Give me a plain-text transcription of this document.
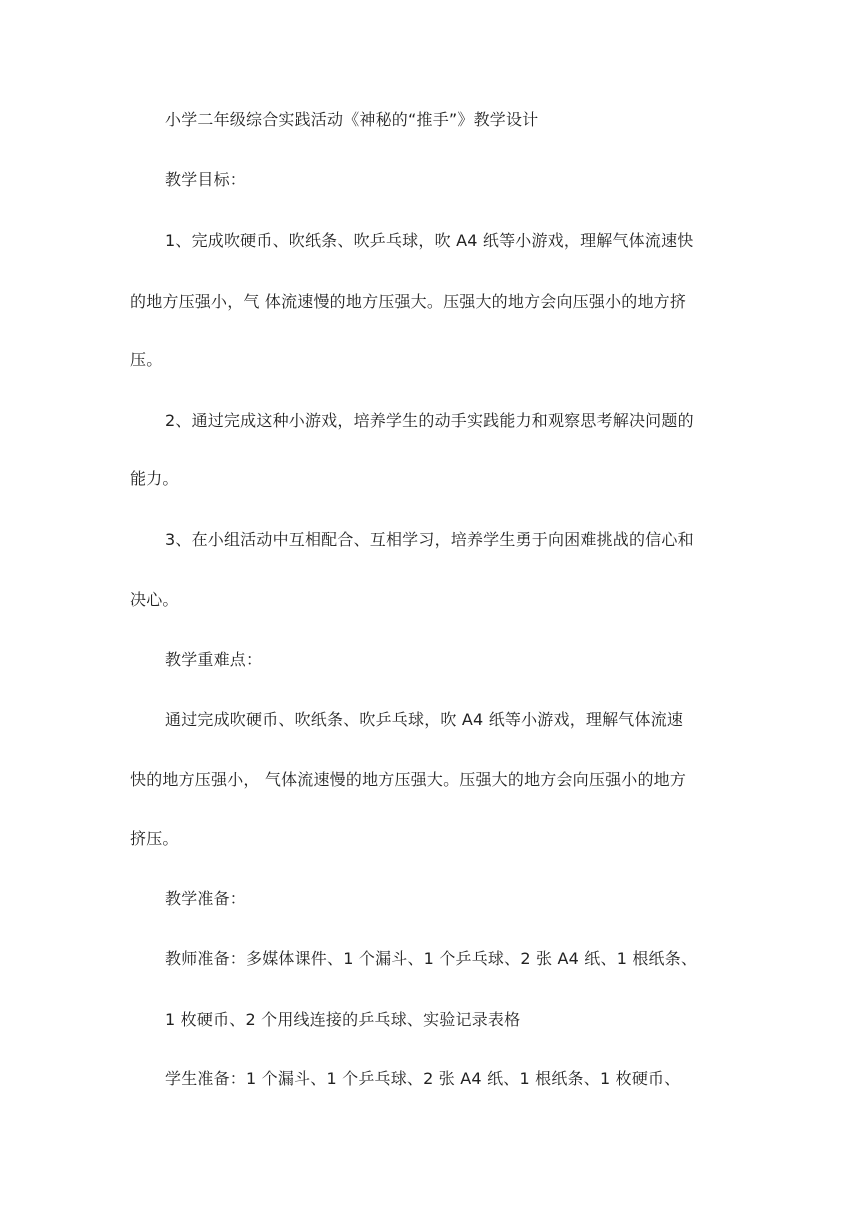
小学二年级综合实践活动《神秘的“推手”》教学设计
教学目标：
1、完成吹硬币、吹纸条、吹乒乓球，吹 A4 纸等小游戏，理解气体流速快
的地方压强小，气 体流速慢的地方压强大。压强大的地方会向压强小的地方挤
压。
2、通过完成这种小游戏，培养学生的动手实践能力和观察思考解决问题的
能力。
3、在小组活动中互相配合、互相学习，培养学生勇于向困难挑战的信心和
决心。
教学重难点：
通过完成吹硬币、吹纸条、吹乒乓球，吹 A4 纸等小游戏，理解气体流速
快的地方压强小， 气体流速慢的地方压强大。压强大的地方会向压强小的地方
挤压。
教学准备：
教师准备：多媒体课件、1 个漏斗、1 个乒乓球、2 张 A4 纸、1 根纸条、
1 枚硬币、2 个用线连接的乒乓球、实验记录表格
学生准备：1 个漏斗、1 个乒乓球、2 张 A4 纸、1 根纸条、1 枚硬币、
